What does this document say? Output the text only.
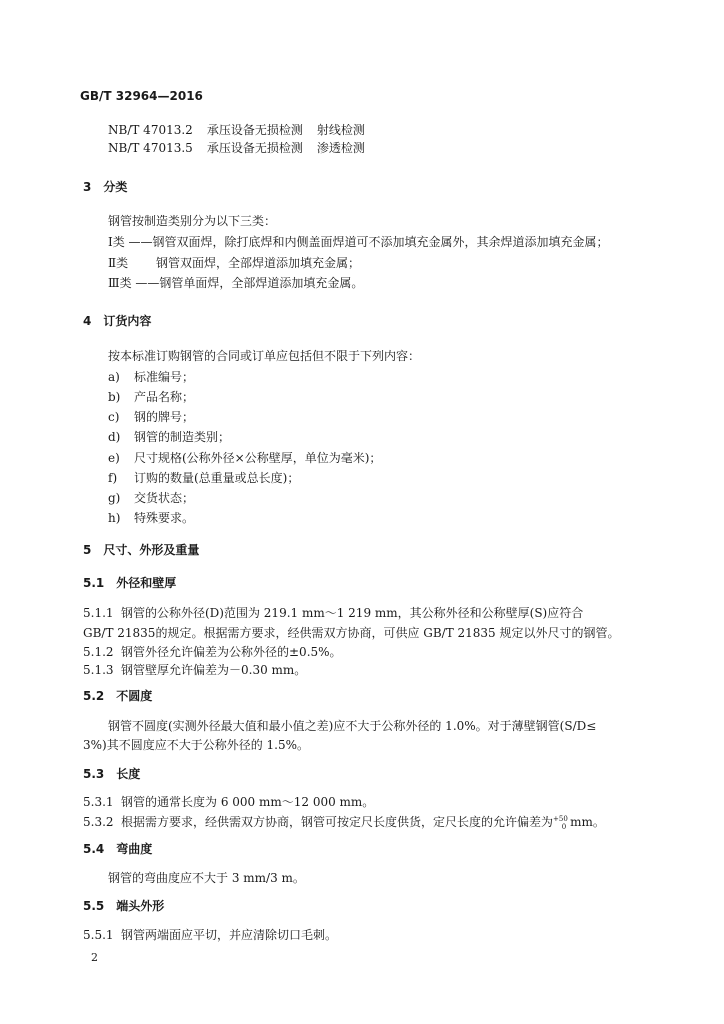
GB/T 32964—2016
NB/T 47013.2 承压设备无损检测 射线检测
NB/T 47013.5 承压设备无损检测 渗透检测
3　分类
钢管按制造类别分为以下三类：
Ⅰ类 ——钢管双面焊，除打底焊和内侧盖面焊道可不添加填充金属外，其余焊道添加填充金属；
Ⅱ类 　　钢管双面焊，全部焊道添加填充金属；
Ⅲ类 ——钢管单面焊，全部焊道添加填充金属。
4　订货内容
按本标准订购钢管的合同或订单应包括但不限于下列内容：
a) 标准编号；
b) 产品名称；
c) 钢的牌号；
d) 钢管的制造类别；
e) 尺寸规格(公称外径×公称壁厚，单位为毫米)；
f) 订购的数量(总重量或总长度)；
g) 交货状态；
h) 特殊要求。
5　尺寸、外形及重量
5.1　外径和壁厚
5.1.1 钢管的公称外径(D)范围为 219.1 mm～1 219 mm，其公称外径和公称壁厚(S)应符合
GB/T 21835的规定。根据需方要求，经供需双方协商，可供应 GB/T 21835 规定以外尺寸的钢管。
5.1.2 钢管外径允许偏差为公称外径的±0.5%。
5.1.3 钢管壁厚允许偏差为－0.30 mm。
5.2　不圆度
钢管不圆度(实测外径最大值和最小值之差)应不大于公称外径的 1.0%。对于薄壁钢管(S/D≤
3%)其不圆度应不大于公称外径的 1.5%。
5.3　长度
5.3.1 钢管的通常长度为 6 000 mm～12 000 mm。
5.3.2 根据需方要求，经供需双方协商，钢管可按定尺长度供货，定尺长度的允许偏差为$^{+50}_0$ mm。
5.4　弯曲度
钢管的弯曲度应不大于 3 mm/3 m。
5.5　端头外形
5.5.1 钢管两端面应平切，并应清除切口毛刺。
2
